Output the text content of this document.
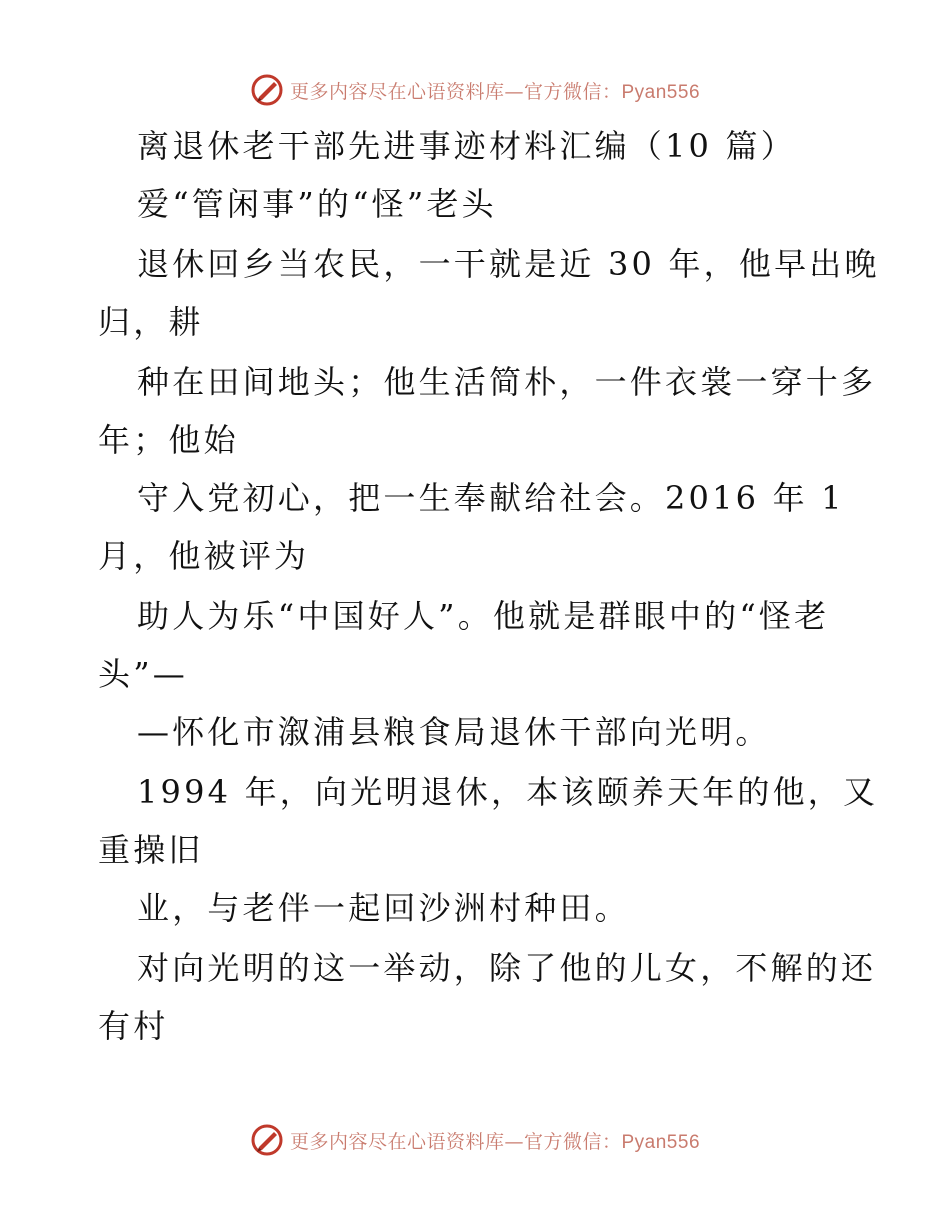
更多内容尽在心语资料库—官方微信：Pyan556
离退休老干部先进事迹材料汇编（10 篇）
爱“管闲事”的“怪”老头
退休回乡当农民，一干就是近 30 年，他早出晚
归，耕
种在田间地头；他生活简朴，一件衣裳一穿十多
年；他始
守入党初心，把一生奉献给社会。2016 年 1
月，他被评为
助人为乐“中国好人”。他就是群眼中的“怪老
头”—
—怀化市溆浦县粮食局退休干部向光明。
1994 年，向光明退休，本该颐养天年的他，又
重操旧
业，与老伴一起回沙洲村种田。
对向光明的这一举动，除了他的儿女，不解的还
有村
更多内容尽在心语资料库—官方微信：Pyan556
